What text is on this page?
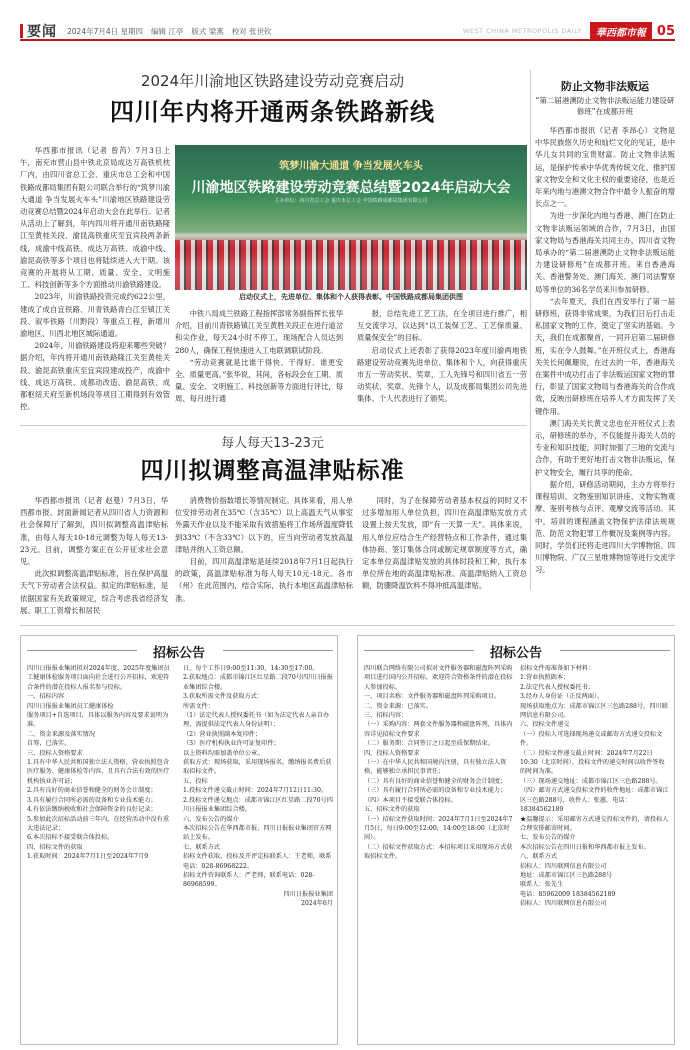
要闻	2024年7月4日 星期四 编辑 江亭 版式 梁燕 校对 张世钦	WEST CHINA METROPOLIS DAILY	華西都市報 05
2024年川渝地区铁路建设劳动竞赛启动
四川年内将开通两条铁路新线

华西都市报讯（记者 曾芮）7月3日上午，南充市营山县中铁北京局成达万高铁机枕厂内，由四川省总工会、重庆市总工会和中国铁路成都局集团有限公司联合举行的“筑梦川渝大通道 争当发展火车头”川渝地区铁路建设劳动竞赛总结暨2024年启动大会在此举行。记者从活动上了解到，年内四川将开通川南铁路隆江至黄桂关段、渝昆高铁重庆至宜宾段两条新线，成渝中线高铁、成达万高铁、成渝中线、渝昆高铁等多个项目也将陆续进入大干期。该竞赛的开展将从工期、质量、安全、文明施工、科技创新等多个方面推动川渝铁路建设。

2023年，川渝铁路投资完成约622公里，建成了成自宜铁路、川青铁路青白江至镇江关段、叙毕铁路（川黔段）等重点工程，新增川渝地区、川西北地区城际通道。

2024年，川渝铁路建设将迎来哪些突破？据介绍，年内将开通川南铁路隆江关至黄桂关段、渝昆高铁重庆至宜宾段建成投产，成渝中线、成达万高铁、成都动改造、渝昆高铁、成都枢纽天府至新机场段等项目工期得到有效管控。

筑梦川渝大通道 争当发展火车头
川渝地区铁路建设劳动竞赛总结暨2024年启动大会
主办单位：四川省总工会 重庆市总工会 中国铁路成都局集团有限公司
启动仪式上，先进单位、集体和个人获得表彰。中国铁路成都局集团供图

中铁八局成兰铁路工程指挥部常务副指挥长张华介绍，目前川青铁路镇江关至黄胜关段正在进行道岔和尖作业，每天24小时不停工，现场配合人员达到280人，确保工程快速进入工电联调联试阶段。

“劳动竞赛就是比谁干得快、干得好、谁更安全、质量更高。”张华说，其间，各标段会在工期、质量、安全、文明施工、科技创新等方面进行评比，每周、每月进行通

报，总结先进工艺工法，在全项目进行推广，相互交流学习，以达到“以工装保工艺、工艺保质量、质量保安全”的目标。

启动仪式上还表彰了获得2023年度川渝两地铁路建设劳动竞赛先进单位、集体和个人，向获得重庆市五一劳动奖状、奖章，工人先锋号和四川省五一劳动奖状、奖章、先锋个人，以及成都局集团公司先进集体、个人代表进行了颁奖。

防止文物非法贩运
“第二届港澳防止文物非法贩运能力建设研修班”在成都开班

华西都市报讯（记者 李昂心）文物是中华民族悠久历史和灿烂文化的见证，是中华儿女共同的宝贵财富。防止文物非法贩运，是保护传承中华优秀传统文化、推护国家文物安全和文化主权的重要途径，也是近年来内地与港澳文物合作中最令人振奋的增长点之一。

为进一步深化内地与香港、澳门在防止文物非法贩运领域的合作，7月3日，由国家文物局与香港海关共同主办，四川省文物局承办的“第二届港澳防止文物非法贩运能力建设研修班”在成都开班。来自香港海关、香港警务处、澳门海关、澳门司法警察局等单位的36名学员来川参加研修。

“去年夏天，我们在西安举行了第一届研修班，获得非常成果，为我们日后打击走私国家文物的工作，奠定了坚实的基础。今天，我们在成都聚首，一同开启第二届研修班，实在令人鼓舞。”在开班仪式上，香港海关关长何佩珊说，在过去的一年，香港海关在案件中成功打击了非法贩运国家文物的罪行，彰显了国家文物局与香港海关的合作成效，反映出研修班在培养人才方面发挥了关键作用。

澳门海关关长黄文忠也在开班仪式上表示，研修班的举办，不仅能提升海关人员的专业和知识技能，同时加强了三地的交流与合作，有助于更好地打击文物非法贩运，保护文物安全，履行共享的使命。

据介绍，研修活动期间，主办方将举行课程培训、文物鉴别知识讲座、文物实物观摩、鉴别考核与点评、观摩交流等活动。其中，培训的课程涵盖文物保护法律法规规范、防范文物犯罪工作概况及案例等内容。同时，学员们还将走进四川大学博物馆、四川博物院、广汉三星堆博物馆等进行交流学习。

每人每天13-23元
四川拟调整高温津贴标准

华西都市报讯（记者 赵曼）7月3日，华西都市报、封面新闻记者从四川省人力资源和社会保障厅了解到，四川拟调整高温津贴标准，由每人每天10-18元调整为每人每天13-23元。目前，调整方案正在公开征求社会意见。

此次拟调整高温津贴标准，旨在保护高温天气下劳动者合法权益。拟定的津贴标准，是依据国家有关政策规定，综合考虑我省经济发展、职工工资增长和居民

消费物价指数增长等情况制定。具体来看，用人单位安排劳动者在35℃（含35℃）以上高温天气从事室外露天作业以及不能采取有效措施将工作场所温度降低到33℃（不含33℃）以下的，应当向劳动者发放高温津贴并纳入工资总额。

目前，四川高温津贴是延续2018年7月1日起执行的政策，高温津贴标准为每人每天10元-18元。各市（州）在此范围内，结合实际，执行本地区高温津贴标准。

同时，为了在保障劳动者基本权益的同时又不过多增加用人单位负担，四川在高温津贴发放方式设置上按天发放，即“有一天算一天”。具体来说，用人单位应结合生产经营特点和工作条件，通过集体协商、签订集体合同或制定规章制度等方式，确定本单位高温津贴发放的具体时段和工种，执行本单位所在地的高温津贴标准。高温津贴纳入工资总额，防骤降温饮料不得冲抵高温津贴。

招标公告

四川日报报业集团拟对2024年度、2025年度集团员工健康体检服务项目面向社会进行公开招标，欢迎符合条件的潜在投标人报名参与投标。

一、招标内容

四川日报报业集团员工健康体检

服务项目+自选项目，具体以服务内容及要求说明为准。

二、资金来源及落实情况

自筹，已落实。

三、投标人资格要求

1.具有中华人民共和国独立法人资格，营业执照包含医疗服务、健康体检等内容，且具有合法有效的医疗机构执业许可证；

2.具有良好的商业信誉和健全的财务会计制度；

3.具有履行合同所必需的设备和专业技术能力；

4.有依法缴纳税收和社会保障资金的良好记录；

5.参加此次招标活动前三年内，在经营活动中没有重大违法记录；

6.本次招标不接受联合体投标。

四、招标文件的获取

1.获取时间：2024年7月1日至2024年7月9

日，每个工作日9:00至11:30，14:30至17:00。

2.获取地点：成都市锦江区红星路二段70号四川日报报业集团综合楼。

3.获取所需文件及获取方式：

所需文件：

（1）法定代表人授权委托书（如为法定代表人亲自办理，需提供法定代表人身份证明）；

（2）营业执照副本复印件；

（3）医疗机构执业许可证复印件；

以上资料均需加盖单位公章。

获取方式：现场获取，采用现场报名，缴纳报名费后获取招标文件。

五、投标

1.投标文件递交截止时间：2024年7月12日11:30。

2.投标文件递交地点：成都市锦江区红星路二段70号四川日报报业集团综合楼。

六、发布公告的媒介

本次招标公告在华西都市报、四川日报报业集团官方网站上发布。

七、联系方式

招标文件获取、投标及开评定标联系人：王老师，联系电话：028-86968222。

招标文件咨询联系人：严老师，联系电话：028-86968599。

四川日报报业集团

2024年6月

招标公告

四川联合网络有限公司拟对文件服务器和磁盘阵列采购项目进行国内公开招标，欢迎符合资格条件的潜在投标人参加投标。

一、项目名称：文件服务器和磁盘阵列采购项目。

二、资金来源：已落实。

三、招标内容：

（一）采购内容：两套文件服务器和磁盘阵列，具体内容详见招标文件要求

（二）服务期：合同签订之日起至质保期结束。

四、投标人资格要求

（一）在中华人民共和国境内注册，具有独立法人资格，能够独立承担民事责任；

（二）具有良好的商业信誉和健全的财务会计制度；

（三）具有履行合同所必需的设备和专业技术能力；

（四）本项目不接受联合体投标。

五、招标文件的获取

（一）招标文件获取时间：2024年7月1日至2024年7月5日，每日9:00至12:00，14:00至18:00（北京时间）。

（二）招标文件获取方式：本招标项目采用现场方式获取招标文件。

招标文件需准备如下材料：

1.营业执照副本；

2.法定代表人授权委托书；

3.经办人身份证（正反两面）。

现场获取地点为：成都市锦江区三色路288号，四川联网信息有限公司。

六、投标文件递交

（一）投标人可选择现场递交或邮寄方式递交投标文件。

（二）投标文件递交截止时间：2024年7月22日10:30（北京时间），投标文件的递交时间以收件签收的时间为准。

（三）现场递交地址：成都市锦江区三色路288号。

（四）邮寄方式递交投标文件的收件地址：成都市锦江区三色路288号，收件人：张蕙，电话：18384562189

★温馨提示：采用邮寄方式递交投标文件的，请投标人合理安排邮寄时间。

七、发布公告的媒介

本次招标公告在四川日报和华西都市报上发布。

八、联系方式

招标人：四川联网信息有限公司

地址：成都市锦江区三色路288号

联系人：张先生

电话：85962009 18384562189

招标人：四川联网信息有限公司
